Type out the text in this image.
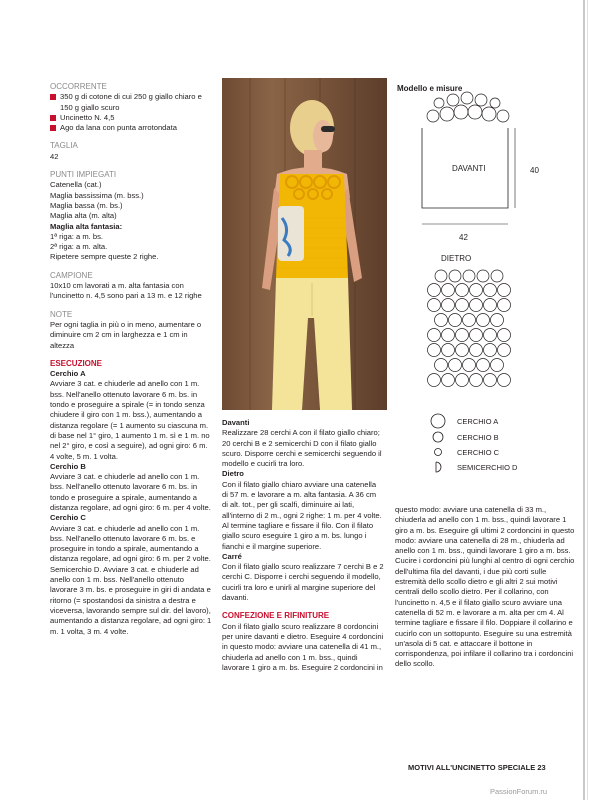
OCCORRENTE

350 g di cotone di cui 250 g giallo chiaro e 150 g giallo scuro
Uncinetto N. 4,5
Ago da lana con punta arrotondata

TAGLIA

42

PUNTI IMPIEGATI

Catenella (cat.)

Maglia bassissima (m. bss.)

Maglia bassa (m. bs.)

Maglia alta (m. alta)

Maglia alta fantasia:

1ª riga: a m. bs.

2ª riga: a m. alta.

Ripetere sempre queste 2 righe.

CAMPIONE

10x10 cm lavorati a m. alta fantasia con l'uncinetto n. 4,5 sono pari a 13 m. e 12 righe

NOTE

Per ogni taglia in più o in meno, aumentare o diminuire cm 2 cm in larghezza e 1 cm in altezza

ESECUZIONE

Cerchio A

Avviare 3 cat. e chiuderle ad anello con 1 m. bss. Nell'anello ottenuto lavorare 6 m. bs. in tondo e proseguire a spirale (= in tondo senza chiudere il giro con 1 m. bss.), aumentando a distanza regolare (= 1 aumento su ciascuna m. di base nel 1° giro, 1 aumento 1 m. sì e 1 m. no nel 2° giro, e così a seguire), ad ogni giro: 6 m. 4 volte, 5 m. 1 volta.

Cerchio B

Avviare 3 cat. e chiuderle ad anello con 1 m. bss. Nell'anello ottenuto lavorare 6 m. bs. in tondo e proseguire a spirale, aumentando a distanza regolare, ad ogni giro: 6 m. per 4 volte.

Cerchio C

Avviare 3 cat. e chiuderle ad anello con 1 m. bss. Nell'anello ottenuto lavorare 6 m. bs. e proseguire in tondo a spirale, aumentando a distanza regolare, ad ogni giro: 6 m. per 2 volte.

Semicerchio D. Avviare 3 cat. e chiuderle ad anello con 1 m. bss. Nell'anello ottenuto lavorare 3 m. bs. e proseguire in giri di andata e ritorno (= spostandosi da sinistra a destra e viceversa, lavorando sempre sul dir. del lavoro), aumentando a distanza regolare, ad ogni giro: 1 m. 1 volta, 3 m. 4 volte.

Davanti

Realizzare 28 cerchi A con il filato giallo chiaro; 20 cerchi B e 2 semicerchi D con il filato giallo scuro. Disporre cerchi e semicerchi seguendo il modello e cucirli tra loro.

Dietro

Con il filato giallo chiaro avviare una catenella di 57 m. e lavorare a m. alta fantasia. A 36 cm di alt. tot., per gli scalfi, diminuire ai lati, all'interno di 2 m., ogni 2 righe: 1 m. per 4 volte. Al termine tagliare e fissare il filo. Con il filato giallo scuro eseguire 1 giro a m. bs. lungo i fianchi e il margine superiore.

Carré

Con il filato giallo scuro realizzare 7 cerchi B e 2 cerchi C. Disporre i cerchi seguendo il modello, cucirli tra loro e unirli al margine superiore del davanti.

CONFEZIONE E RIFINITURE

Con il filato giallo scuro realizzare 8 cordoncini per unire davanti e dietro. Eseguire 4 cordoncini in questo modo: avviare una catenella di 41 m., chiuderla ad anello con 1 m. bss., quindi lavorare 1 giro a m. bs. Eseguire 2 cordoncini in

Modello e misure
DAVANTI	40
42
DIETRO
CERCHIO A
CERCHIO B
CERCHIO C
SEMICERCHIO D

questo modo: avviare una catenella di 33 m., chiuderla ad anello con 1 m. bss., quindi lavorare 1 giro a m. bs. Eseguire gli ultimi 2 cordoncini in questo modo: avviare una catenella di 28 m., chiuderla ad anello con 1 m. bss., quindi lavorare 1 giro a m. bss. Cucire i cordoncini più lunghi al centro di ogni cerchio dell'ultima fila del davanti, i due più corti sulle estremità dello scollo dietro e gli altri 2 sui motivi centrali dello scollo dietro. Per il collarino, con l'uncinetto n. 4,5 e il filato giallo scuro avviare una catenella di 52 m. e lavorare a m. alta per cm 4. Al termine tagliare e fissare il filo. Doppiare il collarino e cucirlo con un sottopunto. Eseguire su una estremità un'asola di 5 cat. e attaccare il bottone in corrispondenza, poi infilare il collarino tra i cordoncini dello scollo.

MOTIVI ALL'UNCINETTO SPECIALE 23
PassionForum.ru
